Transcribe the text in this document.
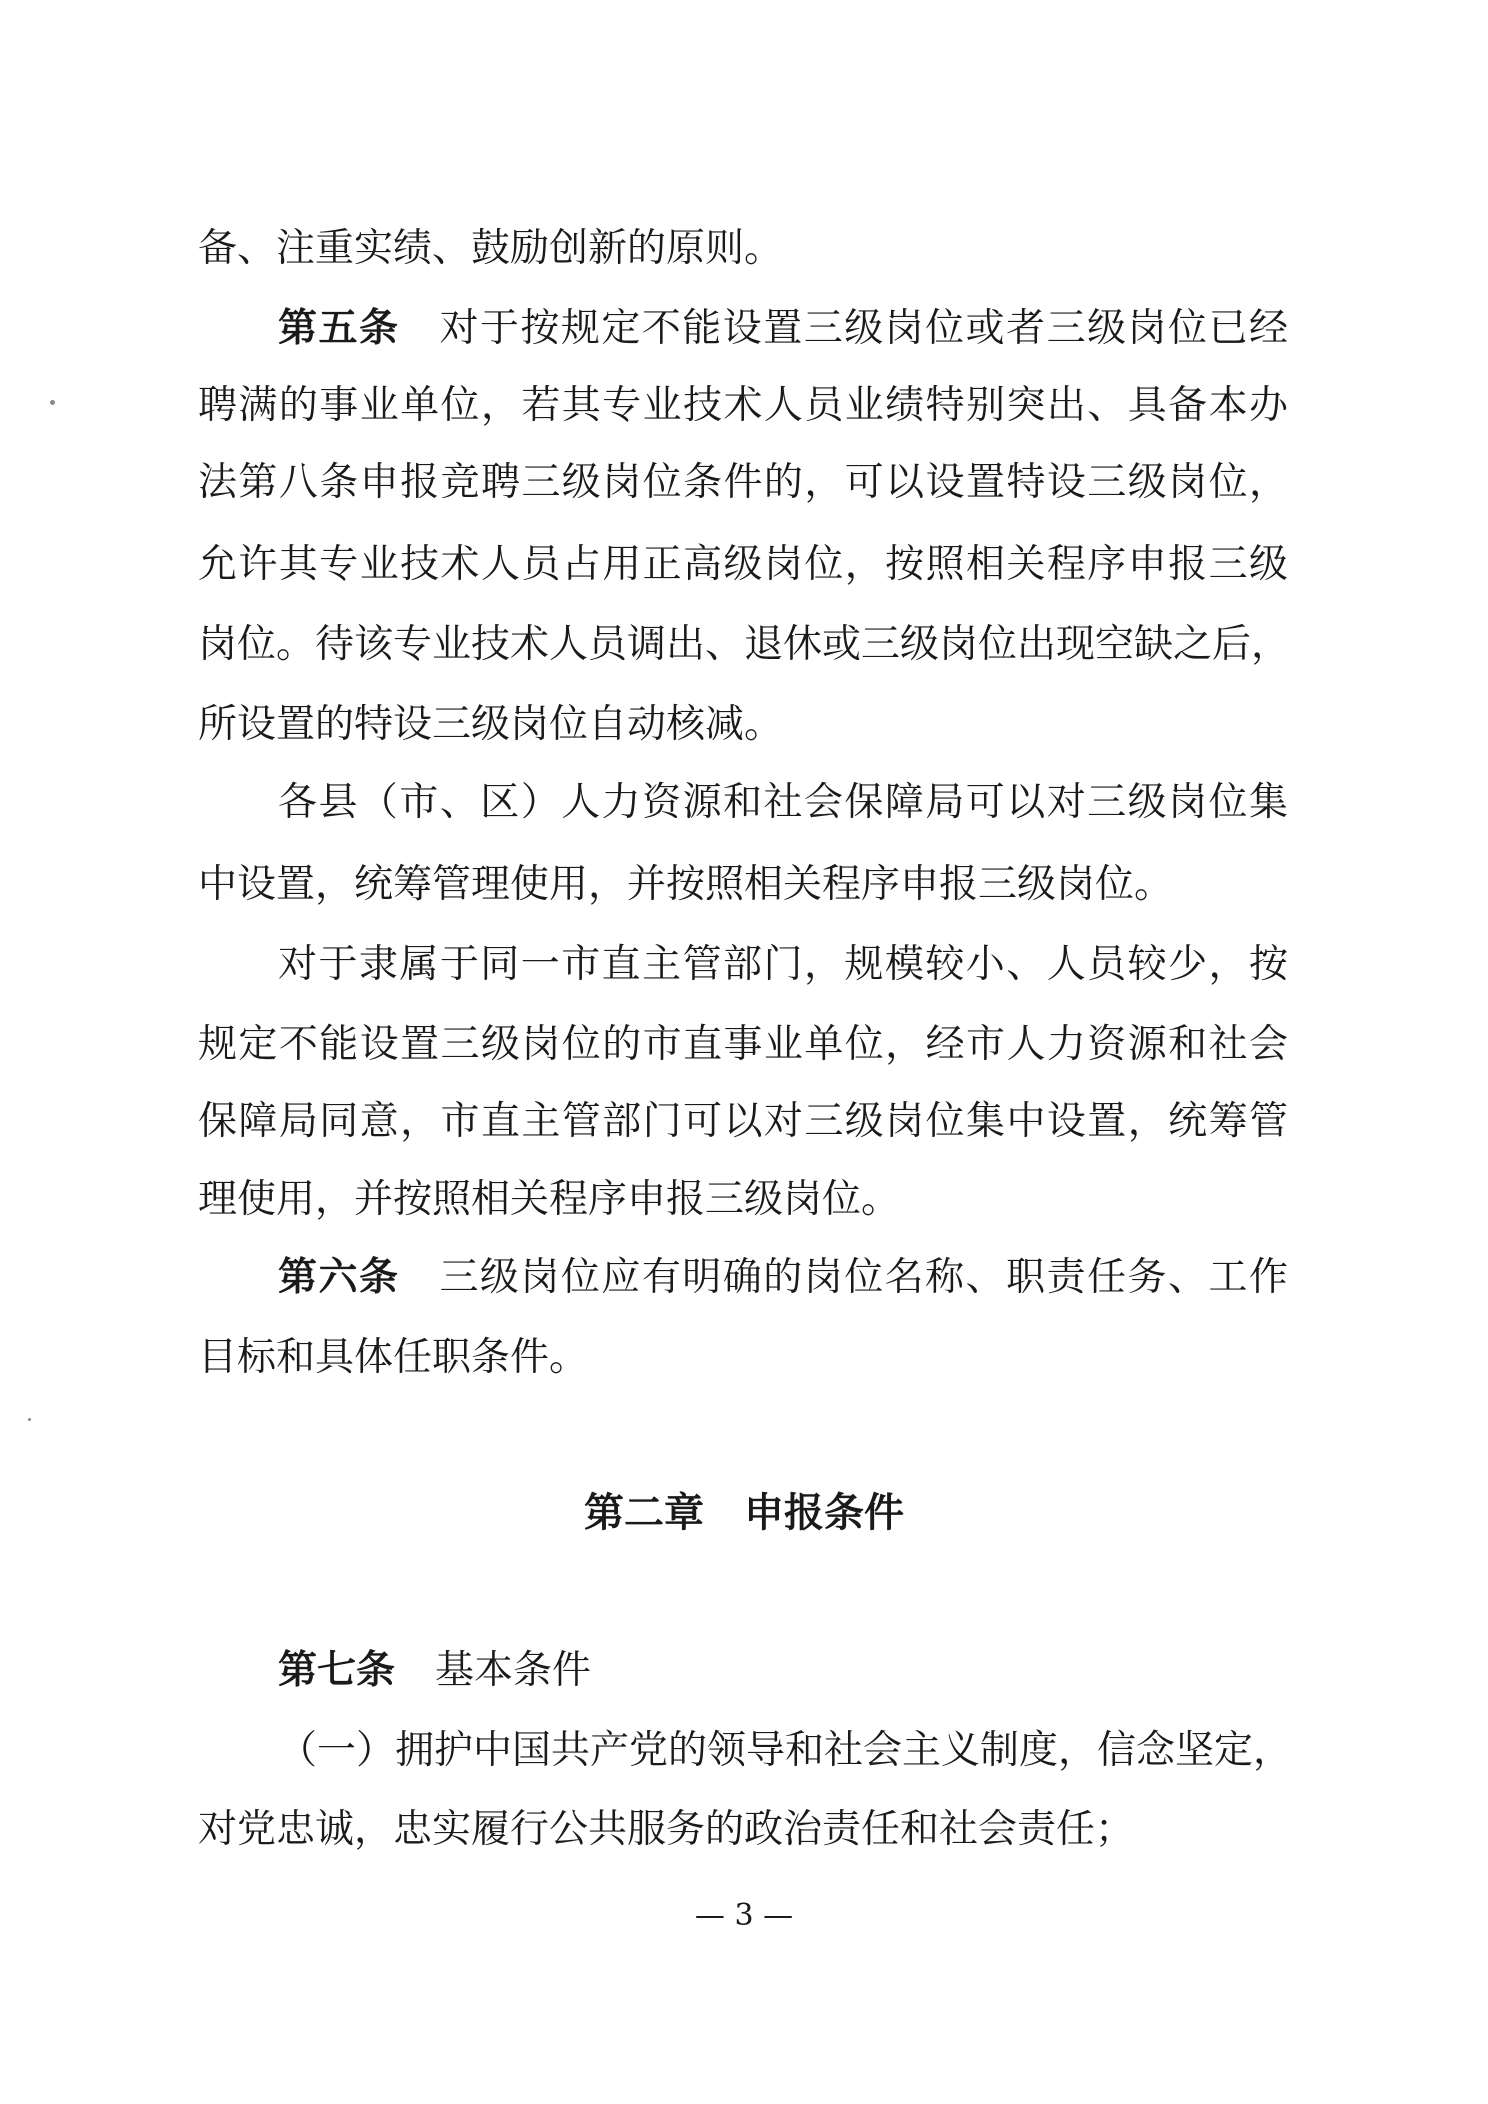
备、注重实绩、鼓励创新的原则。
第五条 对于按规定不能设置三级岗位或者三级岗位已经
聘满的事业单位，若其专业技术人员业绩特别突出、具备本办
法第八条申报竞聘三级岗位条件的，可以设置特设三级岗位，
允许其专业技术人员占用正高级岗位，按照相关程序申报三级
岗位。待该专业技术人员调出、退休或三级岗位出现空缺之后，
所设置的特设三级岗位自动核减。
各县（市、区）人力资源和社会保障局可以对三级岗位集
中设置，统筹管理使用，并按照相关程序申报三级岗位。
对于隶属于同一市直主管部门，规模较小、人员较少，按
规定不能设置三级岗位的市直事业单位，经市人力资源和社会
保障局同意，市直主管部门可以对三级岗位集中设置，统筹管
理使用，并按照相关程序申报三级岗位。
第六条 三级岗位应有明确的岗位名称、职责任务、工作
目标和具体任职条件。
第二章 申报条件
第七条 基本条件
（一）拥护中国共产党的领导和社会主义制度，信念坚定，
对党忠诚，忠实履行公共服务的政治责任和社会责任；
— 3 —
